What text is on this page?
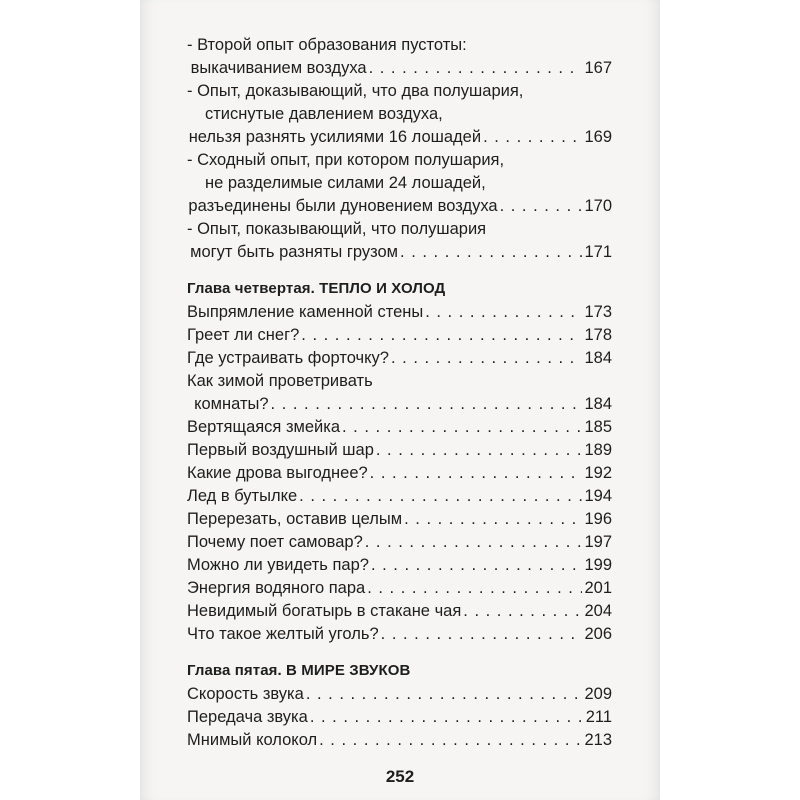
- Второй опыт образования пустоты:
выкачиванием воздуха . . .	167
- Опыт, доказывающий, что два полушария,
стиснутые давлением воздуха,
нельзя разнять усилиями 16 лошадей . . .	169
- Сходный опыт, при котором полушария,
не разделимые силами 24 лошадей,
разъединены были дуновением воздуха . . .	170
- Опыт, показывающий, что полушария
могут быть разняты грузом . . .	171
Глава четвертая. ТЕПЛО И ХОЛОД
Выпрямление каменной стены . . .	173
Греет ли снег? . . .	178
Где устраивать форточку? . . .	184
Как зимой проветривать
комнаты? . . .	184
Вертящаяся змейка . . .	185
Первый воздушный шар . . .	189
Какие дрова выгоднее? . . .	192
Лед в бутылке . . .	194
Перерезать, оставив целым . . .	196
Почему поет самовар? . . .	197
Можно ли увидеть пар? . . .	199
Энергия водяного пара . . .	201
Невидимый богатырь в стакане чая . . .	204
Что такое желтый уголь? . . .	206
Глава пятая. В МИРЕ ЗВУКОВ
Скорость звука . . .	209
Передача звука . . .	211
Мнимый колокол . . .	213
252
